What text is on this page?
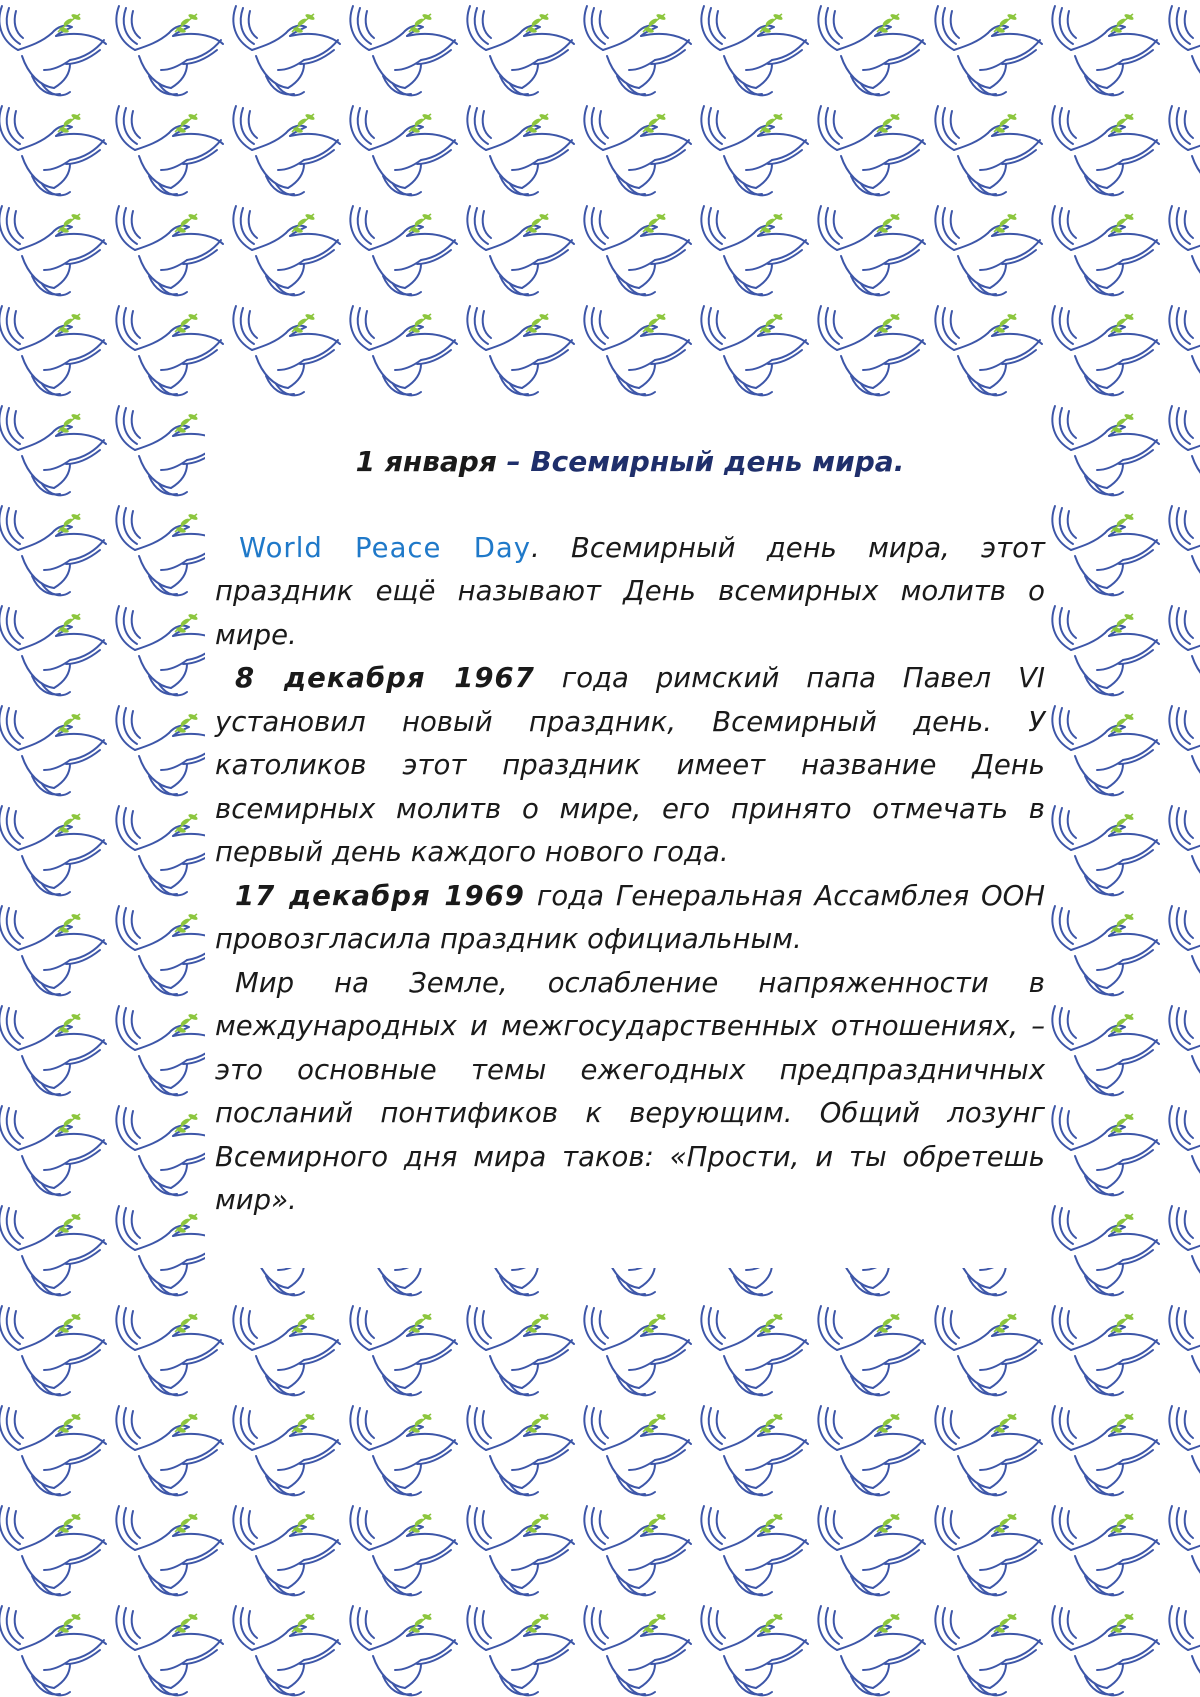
1 января – Всемирный день мира.

World Peace Day. Всемирный день мира, этот праздник ещё называют День всемирных молитв о мире.

8 декабря 1967 года римский папа Павел VI установил новый праздник, Всемирный день. У католиков этот праздник имеет название День всемирных молитв о мире, его принято отмечать в первый день каждого нового года.

17 декабря 1969 года Генеральная Ассамблея ООН провозгласила праздник официальным.

Мир на Земле, ослабление напряженности в международных и межгосударственных отношениях, – это основные темы ежегодных предпраздничных посланий понтификов к верующим. Общий лозунг Всемирного дня мира таков: «Прости, и ты обретешь мир».
